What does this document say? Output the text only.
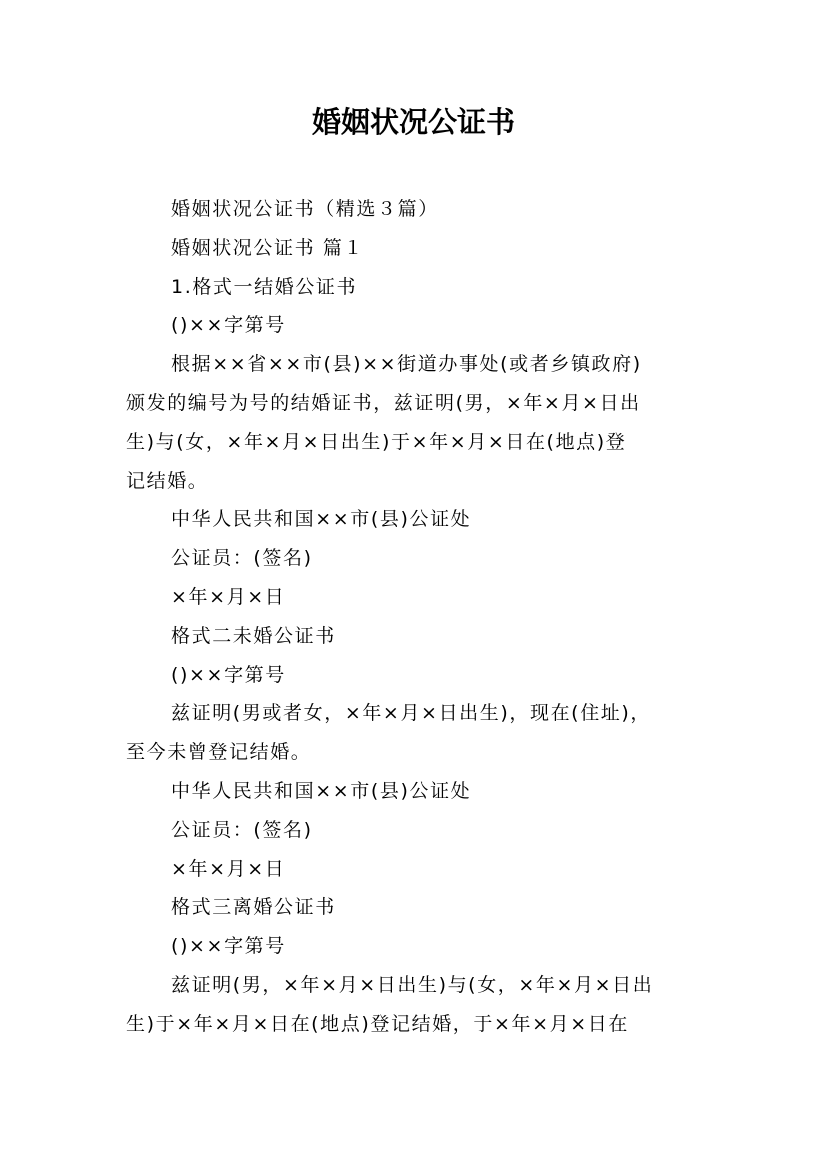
婚姻状况公证书

婚姻状况公证书（精选３篇）

婚姻状况公证书 篇１

1.格式一结婚公证书

()××字第号

根据××省××市(县)××街道办事处(或者乡镇政府)

颁发的编号为号的结婚证书，兹证明(男，×年×月×日出

生)与(女，×年×月×日出生)于×年×月×日在(地点)登

记结婚。

中华人民共和国××市(县)公证处

公证员：(签名)

×年×月×日

格式二未婚公证书

()××字第号

兹证明(男或者女，×年×月×日出生)，现在(住址)，

至今未曾登记结婚。

中华人民共和国××市(县)公证处

公证员：(签名)

×年×月×日

格式三离婚公证书

()××字第号

兹证明(男，×年×月×日出生)与(女，×年×月×日出

生)于×年×月×日在(地点)登记结婚，于×年×月×日在
